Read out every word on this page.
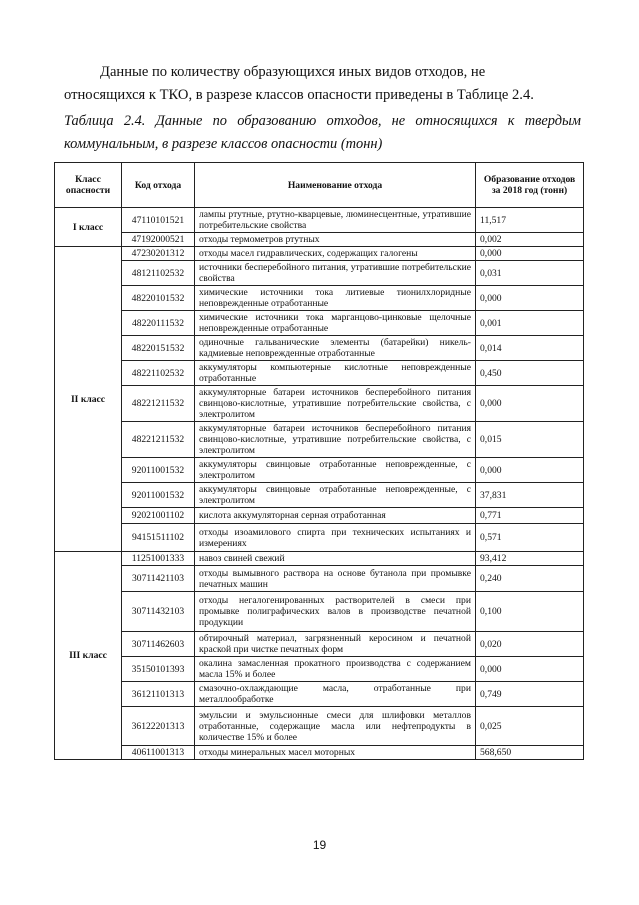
Данные по количеству образующихся иных видов отходов, не
относящихся к ТКО, в разрезе классов опасности приведены в Таблице 2.4.

Таблица 2.4. Данные по образованию отходов, не относящихся к твердым коммунальным, в разрезе классов опасности (тонн)

Класс опасности	Код отхода	Наименование отхода	Образование отходов за 2018 год (тонн)
I класс	47110101521	лампы ртутные, ртутно-кварцевые, люминесцентные, утратившие потребительские свойства	11,517
	47192000521	отходы термометров ртутных	0,002
II класс	47230201312	отходы масел гидравлических, содержащих галогены	0,000
	48121102532	источники бесперебойного питания, утратившие потребительские свойства	0,031
	48220101532	химические источники тока литиевые тионилхлоридные неповрежденные отработанные	0,000
	48220111532	химические источники тока марганцово-цинковые щелочные неповрежденные отработанные	0,001
	48220151532	одиночные гальванические элементы (батарейки) никель-кадмиевые неповрежденные отработанные	0,014
	48221102532	аккумуляторы компьютерные кислотные неповрежденные отработанные	0,450
	48221211532	аккумуляторные батареи источников бесперебойного питания свинцово-кислотные, утратившие потребительские свойства, с электролитом	0,000
	48221211532	аккумуляторные батареи источников бесперебойного питания свинцово-кислотные, утратившие потребительские свойства, с электролитом	0,015
	92011001532	аккумуляторы свинцовые отработанные неповрежденные, с электролитом	0,000
	92011001532	аккумуляторы свинцовые отработанные неповрежденные, с электролитом	37,831
	92021001102	кислота аккумуляторная серная отработанная	0,771
	94151511102	отходы изоамилового спирта при технических испытаниях и измерениях	0,571
III класс	11251001333	навоз свиней свежий	93,412
	30711421103	отходы вымывного раствора на основе бутанола при промывке печатных машин	0,240
	30711432103	отходы негалогенированных растворителей в смеси при промывке полиграфических валов в производстве печатной продукции	0,100
	30711462603	обтирочный материал, загрязненный керосином и печатной краской при чистке печатных форм	0,020
	35150101393	окалина замасленная прокатного производства с содержанием масла 15% и более	0,000
	36121101313	смазочно-охлаждающие масла, отработанные при металлообработке	0,749
	36122201313	эмульсии и эмульсионные смеси для шлифовки металлов отработанные, содержащие масла или нефтепродукты в количестве 15% и более	0,025
	40611001313	отходы минеральных масел моторных	568,650
19
